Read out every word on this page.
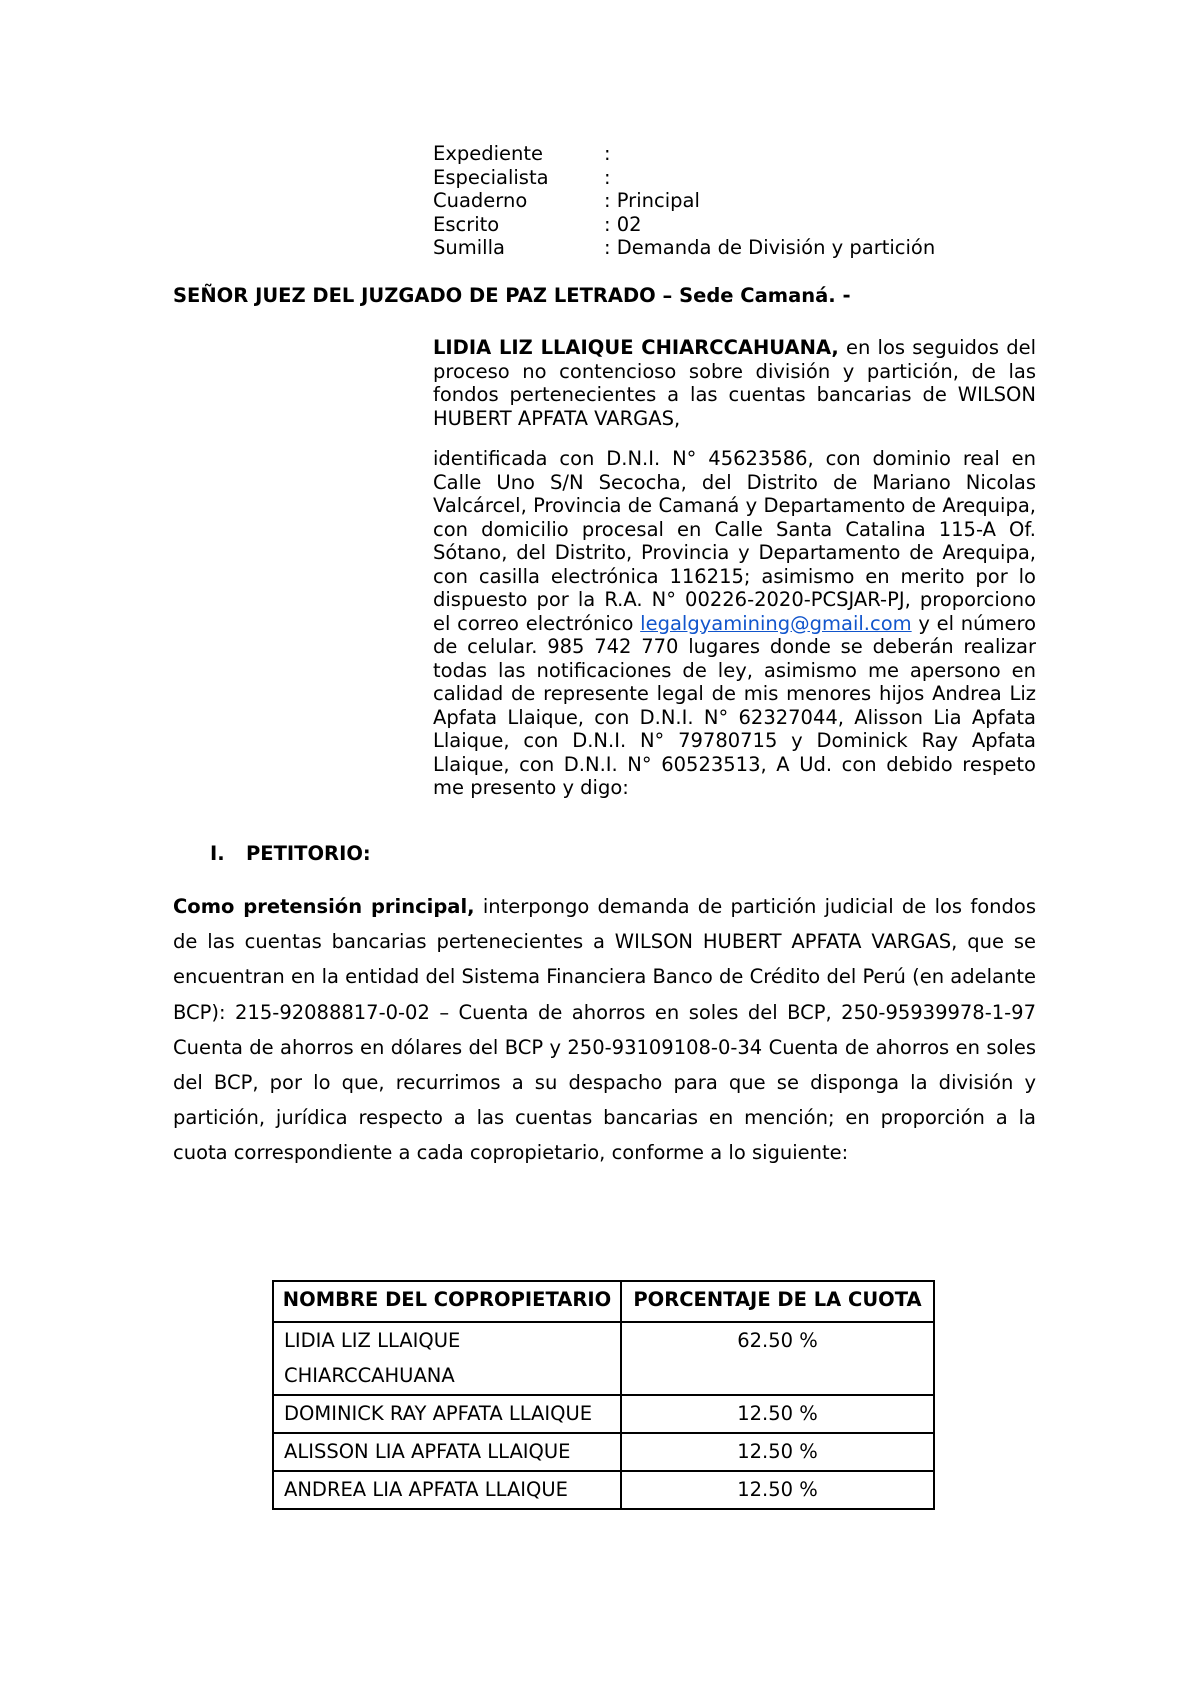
Expediente	:
Especialista	:
Cuaderno	: Principal
Escrito	: 02
Sumilla	: Demanda de División y partición
SEÑOR JUEZ DEL JUZGADO DE PAZ LETRADO – Sede Camaná. -
LIDIA LIZ LLAIQUE CHIARCCAHUANA, en los seguidos del proceso no contencioso sobre división y partición, de las fondos pertenecientes a las cuentas bancarias de WILSON HUBERT APFATA VARGAS,
identificada con D.N.I. N° 45623586, con dominio real en Calle Uno S/N Secocha, del Distrito de Mariano Nicolas Valcárcel, Provincia de Camaná y Departamento de Arequipa, con domicilio procesal en Calle Santa Catalina 115-A Of. Sótano, del Distrito, Provincia y Departamento de Arequipa, con casilla electrónica 116215; asimismo en merito por lo dispuesto por la R.A. N° 00226-2020-PCSJAR-PJ, proporciono el correo electrónico legalgyamining@gmail.com y el número de celular. 985 742 770 lugares donde se deberán realizar todas las notificaciones de ley, asimismo me apersono en calidad de represente legal de mis menores hijos Andrea Liz Apfata Llaique, con D.N.I. N° 62327044, Alisson Lia Apfata Llaique, con D.N.I. N° 79780715 y Dominick Ray Apfata Llaique, con D.N.I. N° 60523513, A Ud. con debido respeto me presento y digo:
I. PETITORIO:
Como pretensión principal, interpongo demanda de partición judicial de los fondos de las cuentas bancarias pertenecientes a WILSON HUBERT APFATA VARGAS, que se encuentran en la entidad del Sistema Financiera Banco de Crédito del Perú (en adelante BCP): 215-92088817-0-02 – Cuenta de ahorros en soles del BCP, 250-95939978-1-97 Cuenta de ahorros en dólares del BCP y 250-93109108-0-34 Cuenta de ahorros en soles del BCP, por lo que, recurrimos a su despacho para que se disponga la división y partición, jurídica respecto a las cuentas bancarias en mención; en proporción a la cuota correspondiente a cada copropietario, conforme a lo siguiente:
NOMBRE DEL COPROPIETARIO	PORCENTAJE DE LA CUOTA
LIDIA LIZ LLAIQUE CHIARCCAHUANA	62.50 %
DOMINICK RAY APFATA LLAIQUE	12.50 %
ALISSON LIA APFATA LLAIQUE	12.50 %
ANDREA LIA APFATA LLAIQUE	12.50 %
